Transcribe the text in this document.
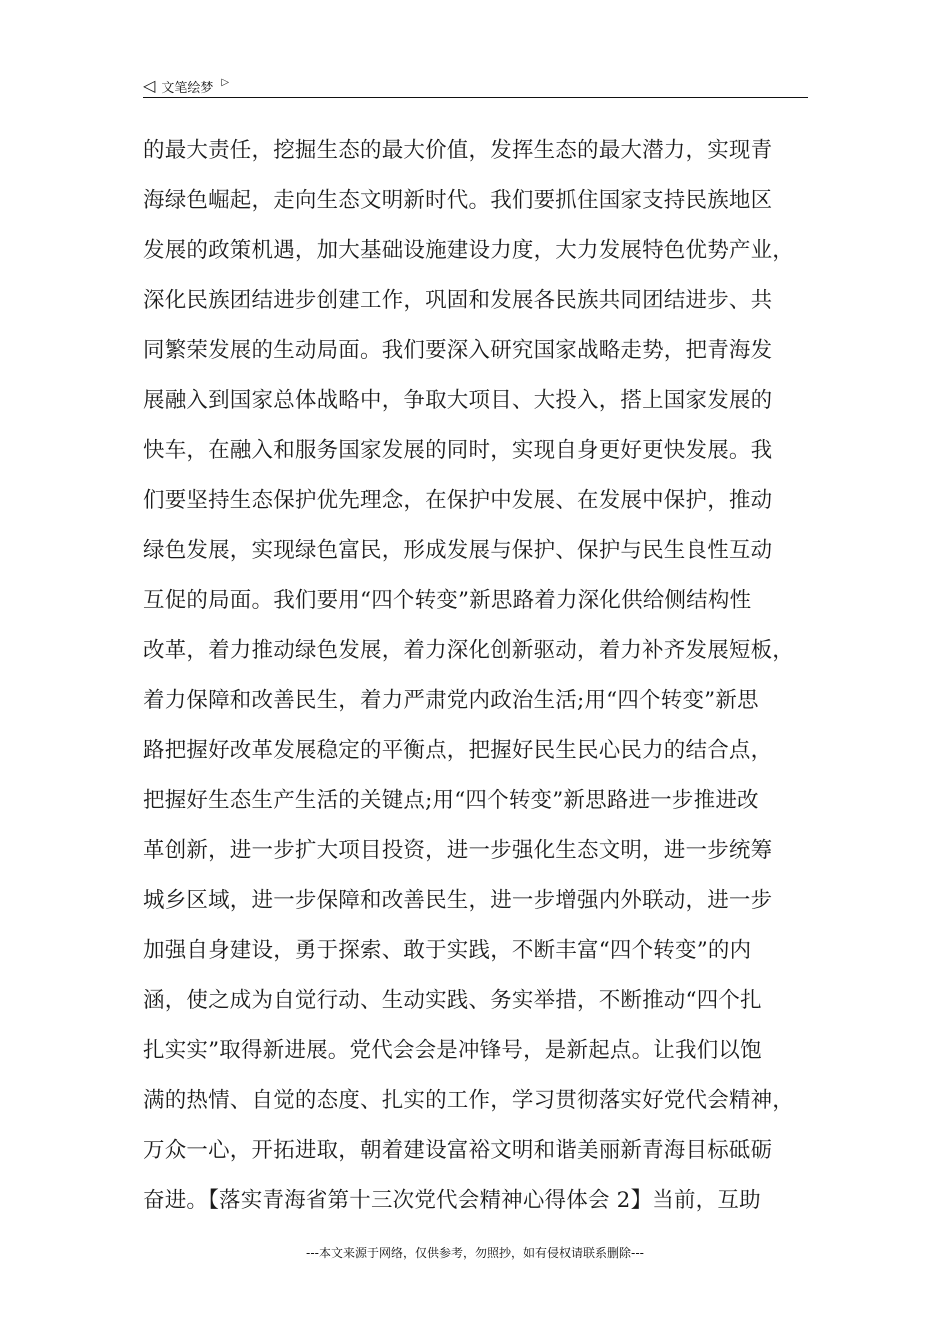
◁ 文笔绘梦 ▷
的最大责任，挖掘生态的最大价值，发挥生态的最大潜力，实现青
海绿色崛起，走向生态文明新时代。我们要抓住国家支持民族地区
发展的政策机遇，加大基础设施建设力度，大力发展特色优势产业，
深化民族团结进步创建工作，巩固和发展各民族共同团结进步、共
同繁荣发展的生动局面。我们要深入研究国家战略走势，把青海发
展融入到国家总体战略中，争取大项目、大投入，搭上国家发展的
快车，在融入和服务国家发展的同时，实现自身更好更快发展。我
们要坚持生态保护优先理念，在保护中发展、在发展中保护，推动
绿色发展，实现绿色富民，形成发展与保护、保护与民生良性互动
互促的局面。我们要用“四个转变”新思路着力深化供给侧结构性
改革，着力推动绿色发展，着力深化创新驱动，着力补齐发展短板，
着力保障和改善民生，着力严肃党内政治生活;用“四个转变”新思
路把握好改革发展稳定的平衡点，把握好民生民心民力的结合点，
把握好生态生产生活的关键点;用“四个转变”新思路进一步推进改
革创新，进一步扩大项目投资，进一步强化生态文明，进一步统筹
城乡区域，进一步保障和改善民生，进一步增强内外联动，进一步
加强自身建设，勇于探索、敢于实践，不断丰富“四个转变”的内
涵，使之成为自觉行动、生动实践、务实举措，不断推动“四个扎
扎实实”取得新进展。党代会会是冲锋号，是新起点。让我们以饱
满的热情、自觉的态度、扎实的工作，学习贯彻落实好党代会精神，
万众一心，开拓进取，朝着建设富裕文明和谐美丽新青海目标砥砺
奋进。【落实青海省第十三次党代会精神心得体会 2】当前，互助
---本文来源于网络，仅供参考，勿照抄，如有侵权请联系删除---
